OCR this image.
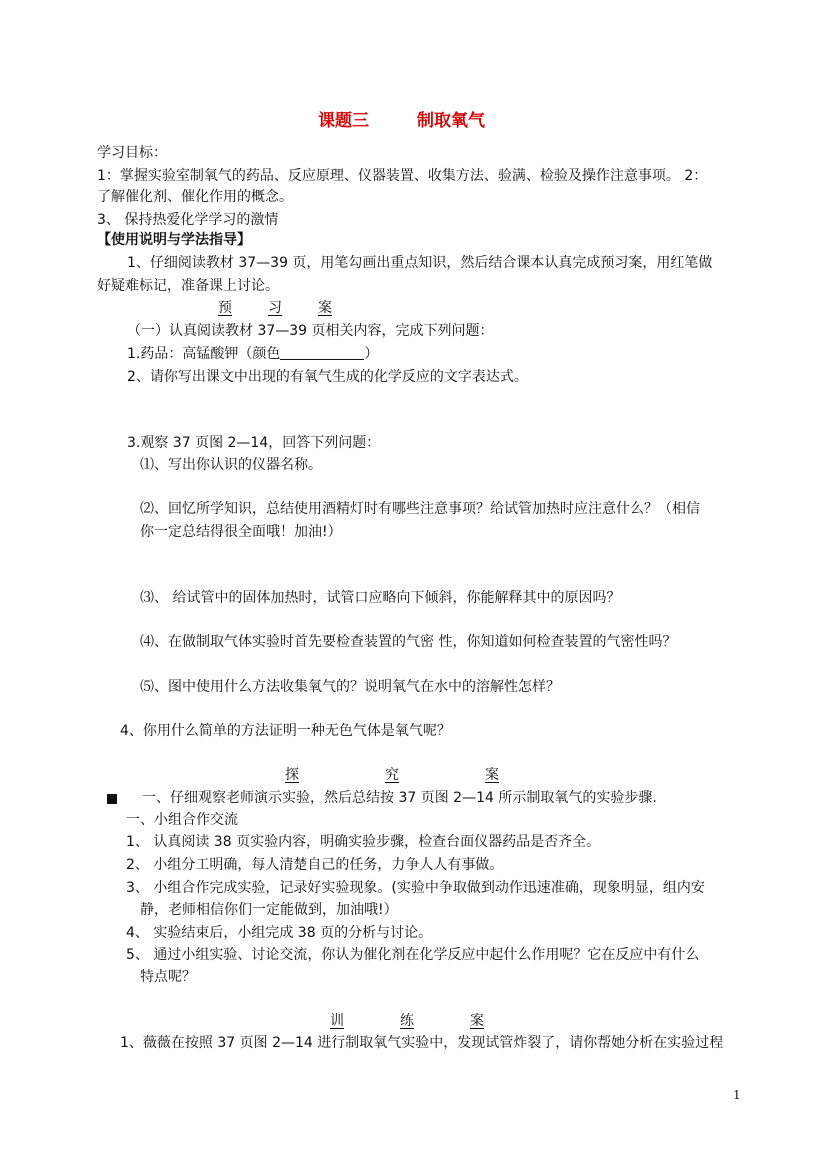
课题三	制取氧气
学习目标：
1：掌握实验室制氧气的药品、反应原理、仪器装置、收集方法、验满、检验及操作注意事项。 2：
了解催化剂、催化作用的概念。
3、 保持热爱化学学习的激情
【使用说明与学法指导】
1、仔细阅读教材 37—39 页，用笔勾画出重点知识，然后结合课本认真完成预习案，用红笔做
好疑难标记，准备课上讨论。
预	习	案
（一）认真阅读教材 37—39 页相关内容，完成下列问题：
1.药品：高锰酸钾（颜色	）
2、请你写出课文中出现的有氧气生成的化学反应的文字表达式。
3.观察 37 页图 2—14，回答下列问题：
⑴、写出你认识的仪器名称。
⑵、回忆所学知识，总结使用酒精灯时有哪些注意事项？给试管加热时应注意什么？（相信
你一定总结得很全面哦！加油!）
⑶、 给试管中的固体加热时，试管口应略向下倾斜，你能解释其中的原因吗？
⑷、在做制取气体实验时首先要检查装置的气密 性，你知道如何检查装置的气密性吗？
⑸、图中使用什么方法收集氧气的？说明氧气在水中的溶解性怎样？
4、你用什么简单的方法证明一种无色气体是氧气呢？
探	究	案
一、仔细观察老师演示实验，然后总结按 37 页图 2—14 所示制取氧气的实验步骤.
一、小组合作交流
1、 认真阅读 38 页实验内容，明确实验步骤，检查台面仪器药品是否齐全。
2、 小组分工明确，每人清楚自己的任务，力争人人有事做。
3、 小组合作完成实验，记录好实验现象。(实验中争取做到动作迅速准确，现象明显，组内安
静，老师相信你们一定能做到，加油哦!）
4、 实验结束后，小组完成 38 页的分析与讨论。
5、 通过小组实验、讨论交流，你认为催化剂在化学反应中起什么作用呢？它在反应中有什么
特点呢？
训	练	案
1、薇薇在按照 37 页图 2—14 进行制取氧气实验中，发现试管炸裂了，请你帮她分析在实验过程
1
